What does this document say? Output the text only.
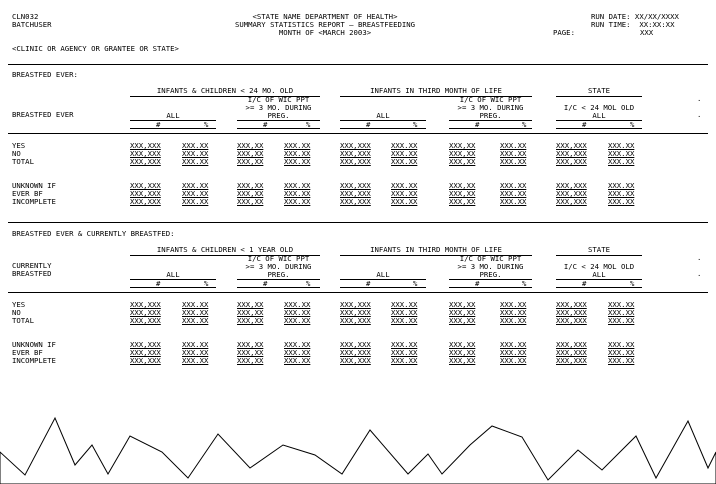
CLN032
BATCHUSER
<STATE NAME DEPARTMENT OF HEALTH>
SUMMARY STATISTICS REPORT – BREASTFEEDING
MONTH OF <MARCH 2003>
RUN DATE: XX/XX/XXXX
RUN TIME:  XX:XX:XX
PAGE:	XXX
<CLINIC OR AGENCY OR GRANTEE OR STATE>
BREASTFED EVER:
INFANTS & CHILDREN < 24 MO. OLD	INFANTS IN THIRD MONTH OF LIFE	STATE
BREASTFED EVER	ALL
#	%
I/C OF WIC PPT
>= 3 MO. DURING
PREG.
#	%
ALL
#	%
I/C OF WIC PPT
>= 3 MO. DURING
PREG.
#	%
I/C < 24 MOL OLD
ALL
#	%
.
.
YES	XXX,XXX	XXX.XX	XXX,XX	XXX.XX	XXX,XXX	XXX.XX	XXX,XX	XXX.XX	XXX,XXX	XXX.XX
NO	XXX,XXX	XXX.XX	XXX,XX	XXX.XX	XXX,XXX	XXX.XX	XXX,XX	XXX.XX	XXX,XXX	XXX.XX
TOTAL	XXX,XXX	XXX.XX	XXX,XX	XXX.XX	XXX,XXX	XXX.XX	XXX,XX	XXX.XX	XXX,XXX	XXX.XX
UNKNOWN IF	XXX,XXX	XXX.XX	XXX,XX	XXX.XX	XXX,XXX	XXX.XX	XXX,XX	XXX.XX	XXX,XXX	XXX.XX
EVER BF	XXX,XXX	XXX.XX	XXX,XX	XXX.XX	XXX,XXX	XXX.XX	XXX,XX	XXX.XX	XXX,XXX	XXX.XX
INCOMPLETE	XXX,XXX	XXX.XX	XXX,XX	XXX.XX	XXX,XXX	XXX.XX	XXX,XX	XXX.XX	XXX,XXX	XXX.XX
BREASTFED EVER & CURRENTLY BREASTFED:
INFANTS & CHILDREN < 1 YEAR OLD	INFANTS IN THIRD MONTH OF LIFE	STATE
CURRENTLY
BREASTFED	ALL
#	%
I/C OF WIC PPT
>= 3 MO. DURING
PREG.
#	%
ALL
#	%
I/C OF WIC PPT
>= 3 MO. DURING
PREG.
#	%
I/C < 24 MOL OLD
ALL
#	%
.
.
YES	XXX,XXX	XXX.XX	XXX,XX	XXX.XX	XXX,XXX	XXX.XX	XXX,XX	XXX.XX	XXX,XXX	XXX.XX
NO	XXX,XXX	XXX.XX	XXX,XX	XXX.XX	XXX,XXX	XXX.XX	XXX,XX	XXX.XX	XXX,XXX	XXX.XX
TOTAL	XXX,XXX	XXX.XX	XXX,XX	XXX.XX	XXX,XXX	XXX.XX	XXX,XX	XXX.XX	XXX,XXX	XXX.XX
UNKNOWN IF	XXX,XXX	XXX.XX	XXX,XX	XXX.XX	XXX,XXX	XXX.XX	XXX,XX	XXX.XX	XXX,XXX	XXX.XX
EVER BF	XXX,XXX	XXX.XX	XXX,XX	XXX.XX	XXX,XXX	XXX.XX	XXX,XX	XXX.XX	XXX,XXX	XXX.XX
INCOMPLETE	XXX,XXX	XXX.XX	XXX,XX	XXX.XX	XXX,XXX	XXX.XX	XXX,XX	XXX.XX	XXX,XXX	XXX.XX
